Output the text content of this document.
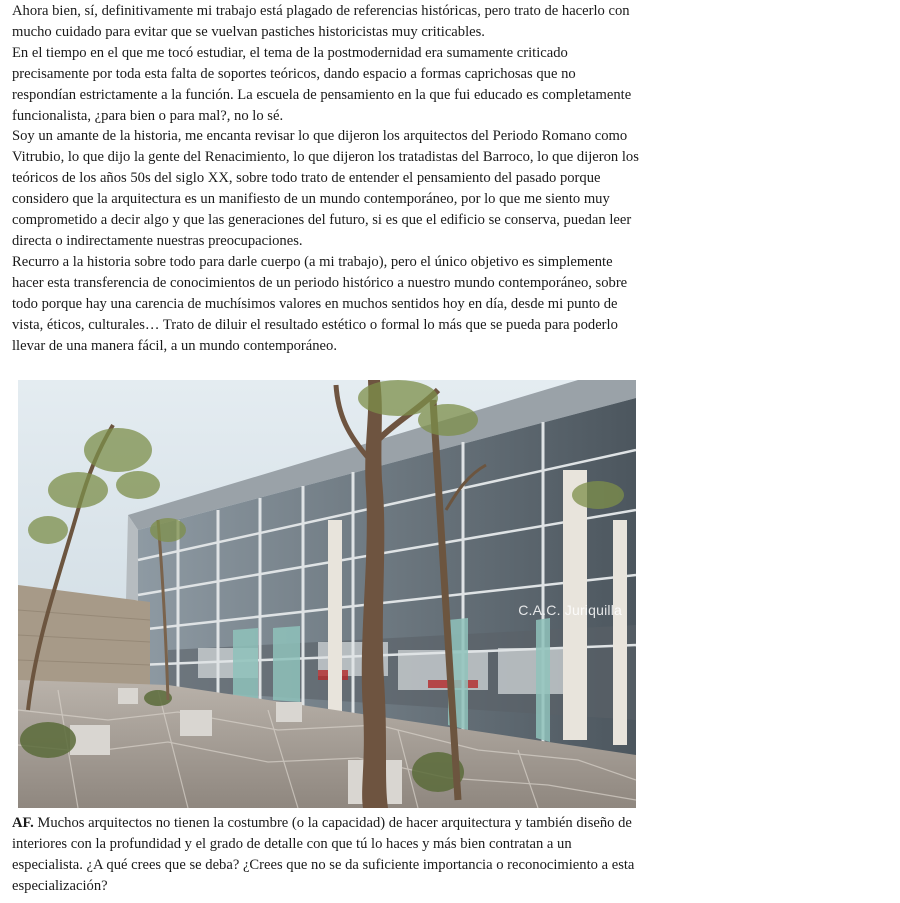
Ahora bien, sí, definitivamente mi trabajo está plagado de referencias históricas, pero trato de hacerlo con mucho cuidado para evitar que se vuelvan pastiches historicistas muy criticables.

En el tiempo en el que me tocó estudiar, el tema de la postmodernidad era sumamente criticado precisamente por toda esta falta de soportes teóricos, dando espacio a formas caprichosas que no respondían estrictamente a la función. La escuela de pensamiento en la que fui educado es completamente funcionalista, ¿para bien o para mal?, no lo sé.

Soy un amante de la historia, me encanta revisar lo que dijeron los arquitectos del Periodo Romano como Vitrubio, lo que dijo la gente del Renacimiento, lo que dijeron los tratadistas del Barroco, lo que dijeron los teóricos de los años 50s del siglo XX, sobre todo trato de entender el pensamiento del pasado porque considero que la arquitectura es un manifiesto de un mundo contemporáneo, por lo que me siento muy comprometido a decir algo y que las generaciones del futuro, si es que el edificio se conserva, puedan leer directa o indirectamente nuestras preocupaciones.

Recurro a la historia sobre todo para darle cuerpo (a mi trabajo), pero el único objetivo es simplemente hacer esta transferencia de conocimientos de un periodo histórico a nuestro mundo contemporáneo, sobre todo porque hay una carencia de muchísimos valores en muchos sentidos hoy en día, desde mi punto de vista, éticos, culturales… Trato de diluir el resultado estético o formal lo más que se pueda para poderlo llevar de una manera fácil, a un mundo contemporáneo.

C.A.C. Juriquilla
AF. Muchos arquitectos no tienen la costumbre (o la capacidad) de hacer arquitectura y también diseño de interiores con la profundidad y el grado de detalle con que tú lo haces y más bien contratan a un especialista. ¿A qué crees que se deba? ¿Crees que no se da suficiente importancia o reconocimiento a esta especialización?
